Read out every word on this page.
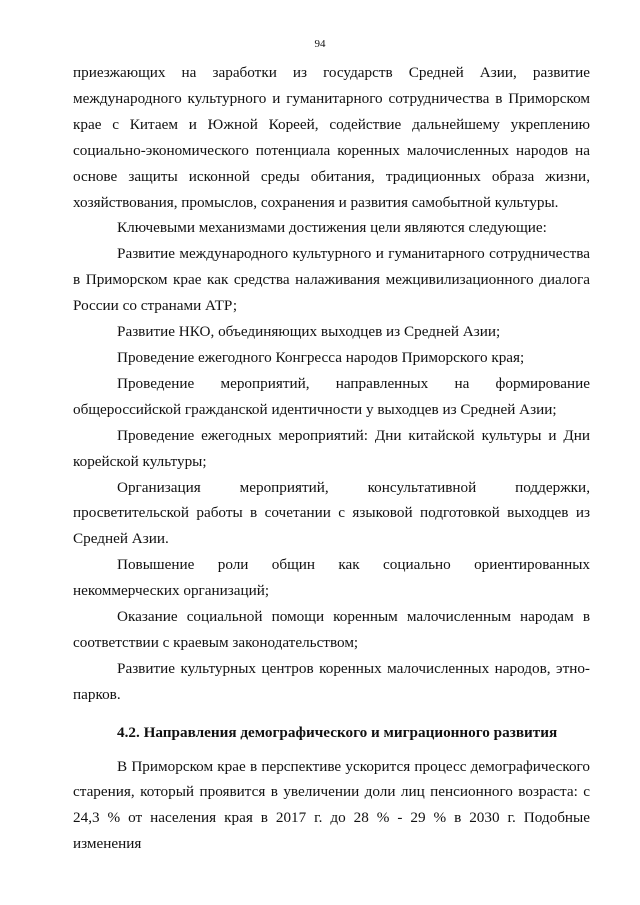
94

приезжающих на заработки из государств Средней Азии, развитие международного культурного и гуманитарного сотрудничества в Приморском крае с Китаем и Южной Кореей, содействие дальнейшему укреплению социально-экономического потенциала коренных малочисленных народов на основе защиты исконной среды обитания, традиционных образа жизни, хозяйствования, промыслов, сохранения и развития самобытной культуры.

Ключевыми механизмами достижения цели являются следующие:

Развитие международного культурного и гуманитарного сотрудничества в Приморском крае как средства налаживания межцивилизационного диалога России со странами АТР;

Развитие НКО, объединяющих выходцев из Средней Азии;

Проведение ежегодного Конгресса народов Приморского края;

Проведение мероприятий, направленных на формирование общероссийской гражданской идентичности у выходцев из Средней Азии;

Проведение ежегодных мероприятий: Дни китайской культуры и Дни корейской культуры;

Организация мероприятий, консультативной поддержки, просветительской работы в сочетании с языковой подготовкой выходцев из Средней Азии.

Повышение роли общин как социально ориентированных некоммерческих организаций;

Оказание социальной помощи коренным малочисленным народам в соответствии с краевым законодательством;

Развитие культурных центров коренных малочисленных народов, этно-парков.

4.2. Направления демографического и миграционного развития

В Приморском крае в перспективе ускорится процесс демографического старения, который проявится в увеличении доли лиц пенсионного возраста: с 24,3 % от населения края в 2017 г. до 28 % - 29 % в 2030 г. Подобные изменения
